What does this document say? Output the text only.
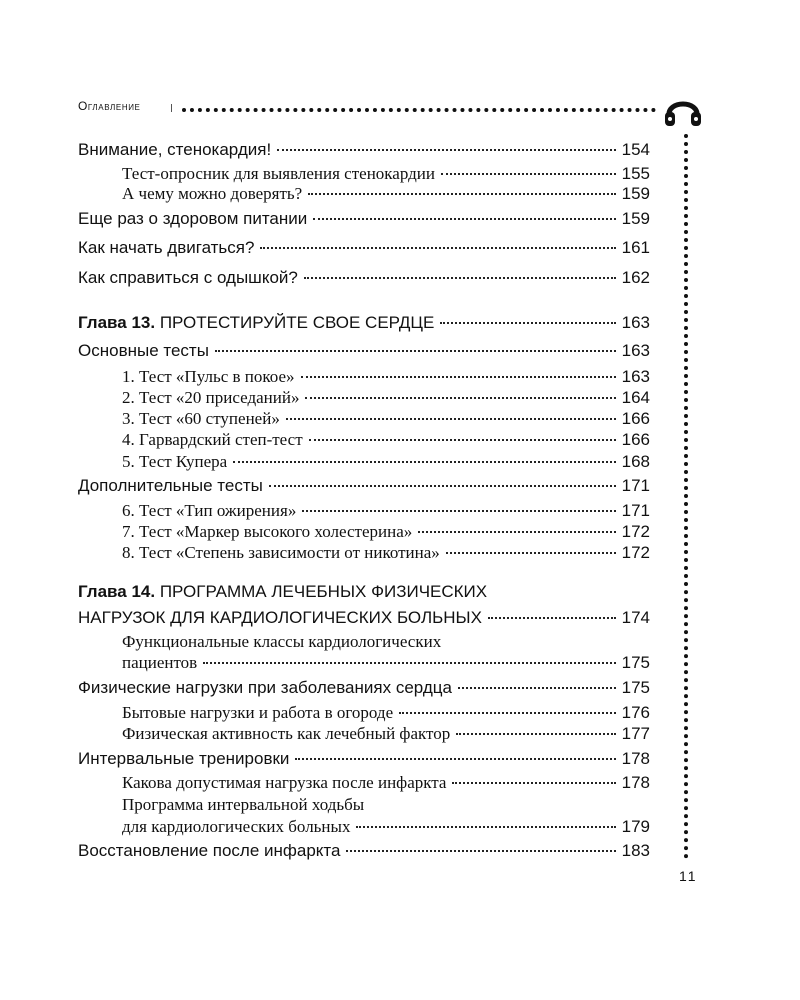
Оглавление
Внимание, стенокардия!	154
Тест-опросник для выявления стенокардии	155
А чему можно доверять?	159
Еще раз о здоровом питании	159
Как начать двигаться?	161
Как справиться с одышкой?	162
Глава 13. ПРОТЕСТИРУЙТЕ СВОЕ СЕРДЦЕ	163
Основные тесты	163
1. Тест «Пульс в покое»	163
2. Тест «20 приседаний»	164
3. Тест «60 ступеней»	166
4. Гарвардский степ-тест	166
5. Тест Купера	168
Дополнительные тесты	171
6. Тест «Тип ожирения»	171
7. Тест «Маркер высокого холестерина»	172
8. Тест «Степень зависимости от никотина»	172
Глава 14. ПРОГРАММА ЛЕЧЕБНЫХ ФИЗИЧЕСКИХ
НАГРУЗОК ДЛЯ КАРДИОЛОГИЧЕСКИХ БОЛЬНЫХ	174
Функциональные классы кардиологических
пациентов	175
Физические нагрузки при заболеваниях сердца	175
Бытовые нагрузки и работа в огороде	176
Физическая активность как лечебный фактор	177
Интервальные тренировки	178
Какова допустимая нагрузка после инфаркта	178
Программа интервальной ходьбы
для кардиологических больных	179
Восстановление после инфаркта	183
11
